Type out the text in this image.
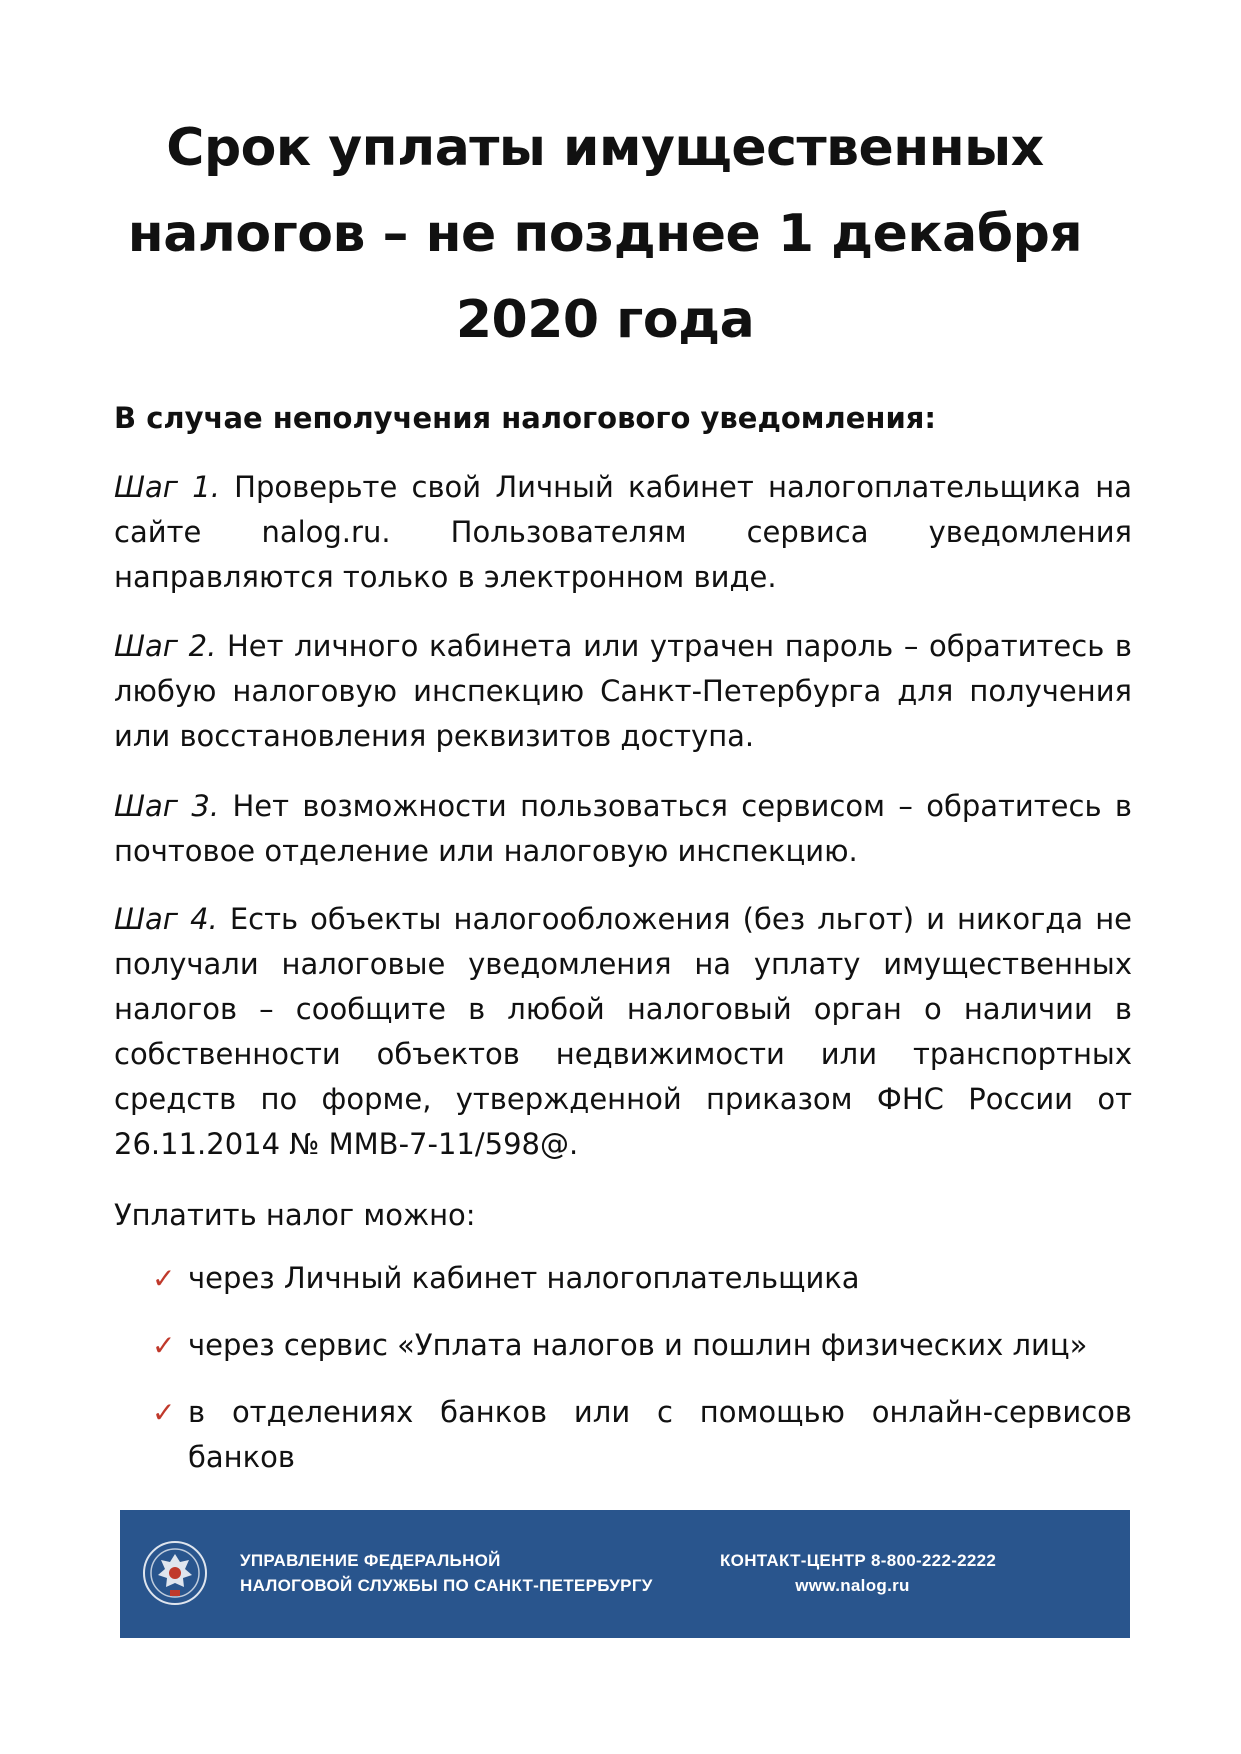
Срок уплаты имущественных
налогов – не позднее 1 декабря
2020 года
В случае неполучения налогового уведомления:
Шаг 1. Проверьте свой Личный кабинет налогоплательщика на сайте nalog.ru. Пользователям сервиса уведомления направляются только в электронном виде.
Шаг 2. Нет личного кабинета или утрачен пароль – обратитесь в любую налоговую инспекцию Санкт-Петербурга для получения или восстановления реквизитов доступа.
Шаг 3. Нет возможности пользоваться сервисом – обратитесь в почтовое отделение или налоговую инспекцию.
Шаг 4. Есть объекты налогообложения (без льгот) и никогда не получали налоговые уведомления на уплату имущественных налогов – сообщите в любой налоговый орган о наличии в собственности объектов недвижимости или транспортных средств по форме, утвержденной приказом ФНС России от 26.11.2014 № ММВ-7-11/598@.
Уплатить налог можно:
✓ через Личный кабинет налогоплательщика
✓ через сервис «Уплата налогов и пошлин физических лиц»
✓ в отделениях банков или с помощью онлайн-сервисов банков
УПРАВЛЕНИЕ ФЕДЕРАЛЬНОЙ
НАЛОГОВОЙ СЛУЖБЫ ПО САНКТ-ПЕТЕРБУРГУ
КОНТАКТ-ЦЕНТР 8-800-222-2222
www.nalog.ru
